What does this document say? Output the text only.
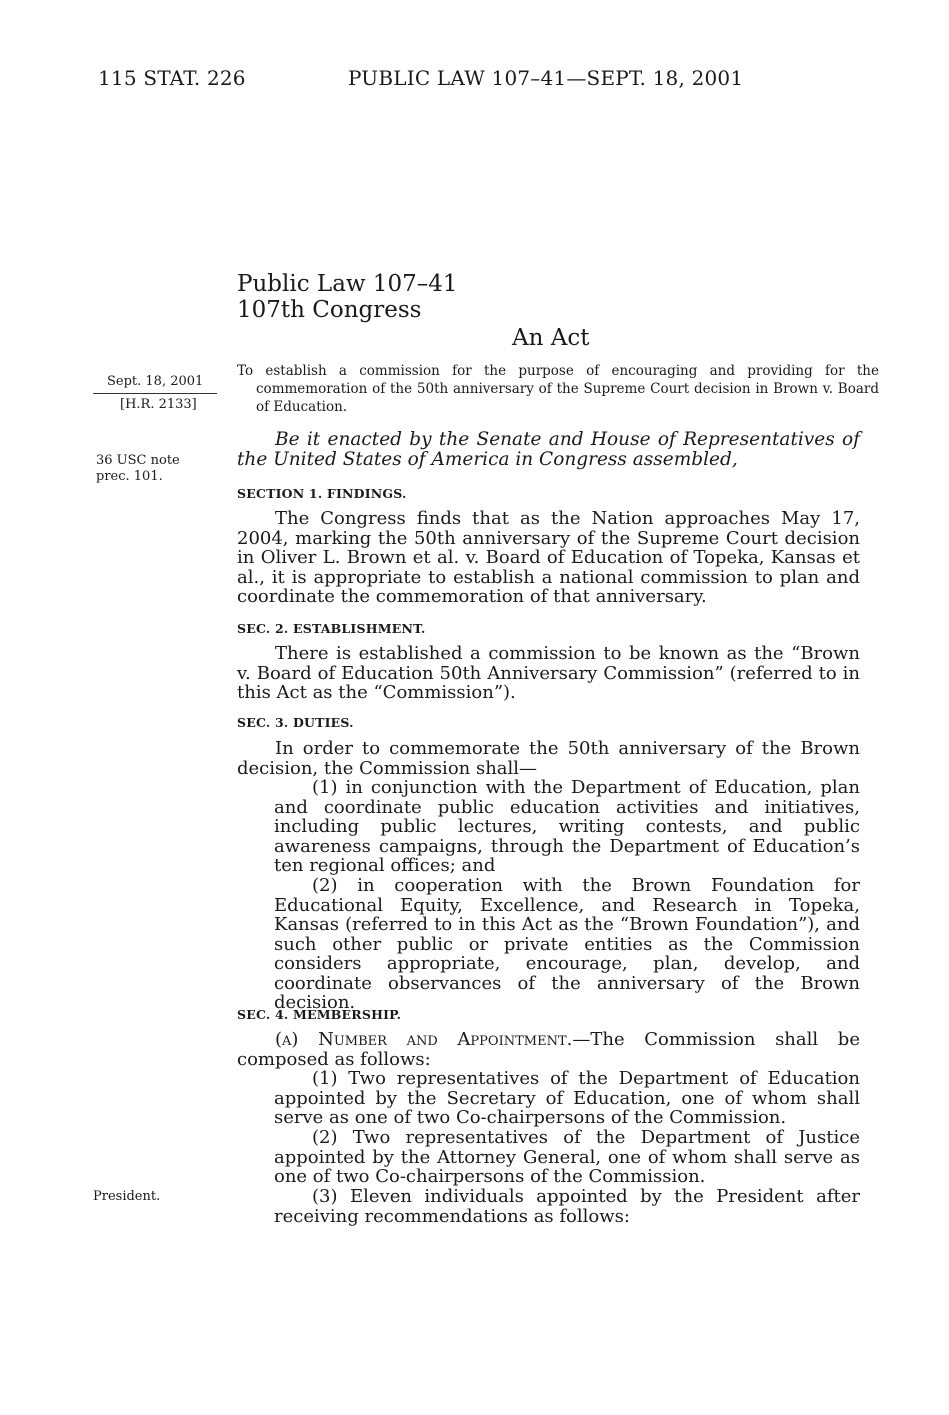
115 STAT. 226	PUBLIC LAW 107–41—SEPT. 18, 2001
Public Law 107–41
107th Congress
An Act
Sept. 18, 2001
[H.R. 2133]
36 USC note
prec. 101.
President.
To establish a commission for the purpose of encouraging and providing for the commemoration of the 50th anniversary of the Supreme Court decision in Brown v. Board of Education.
Be it enacted by the Senate and House of Representatives of the United States of America in Congress assembled,
SECTION 1. FINDINGS.
The Congress finds that as the Nation approaches May 17, 2004, marking the 50th anniversary of the Supreme Court decision in Oliver L. Brown et al. v. Board of Education of Topeka, Kansas et al., it is appropriate to establish a national commission to plan and coordinate the commemoration of that anniversary.
SEC. 2. ESTABLISHMENT.
There is established a commission to be known as the “Brown v. Board of Education 50th Anniversary Commission” (referred to in this Act as the “Commission”).
SEC. 3. DUTIES.
In order to commemorate the 50th anniversary of the Brown decision, the Commission shall—
(1) in conjunction with the Department of Education, plan and coordinate public education activities and initiatives, including public lectures, writing contests, and public awareness campaigns, through the Department of Education’s ten regional offices; and
(2) in cooperation with the Brown Foundation for Educational Equity, Excellence, and Research in Topeka, Kansas (referred to in this Act as the “Brown Foundation”), and such other public or private entities as the Commission considers appropriate, encourage, plan, develop, and coordinate observances of the anniversary of the Brown decision.
SEC. 4. MEMBERSHIP.
(a) Number and Appointment.—The Commission shall be composed as follows:
(1) Two representatives of the Department of Education appointed by the Secretary of Education, one of whom shall serve as one of two Co-chairpersons of the Commission.
(2) Two representatives of the Department of Justice appointed by the Attorney General, one of whom shall serve as one of two Co-chairpersons of the Commission.
(3) Eleven individuals appointed by the President after receiving recommendations as follows:
